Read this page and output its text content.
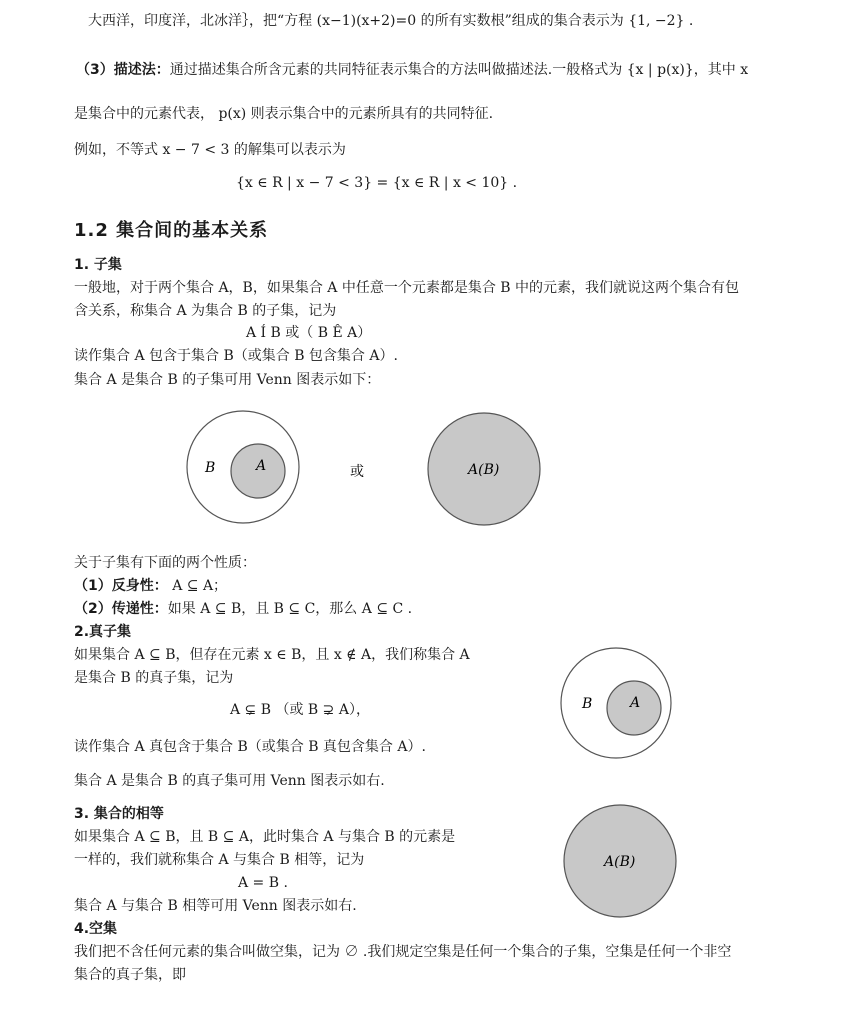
大西洋，印度洋，北冰洋｝，把“方程 (x−1)(x+2)=0 的所有实数根”组成的集合表示为 {1, −2} .
（3）描述法：通过描述集合所含元素的共同特征表示集合的方法叫做描述法.一般格式为 {x | p(x)}，其中 x
是集合中的元素代表， p(x) 则表示集合中的元素所具有的共同特征.
例如，不等式 x − 7 < 3 的解集可以表示为
{x ∈ R | x − 7 < 3} = {x ∈ R | x < 10} .
1.2 集合间的基本关系
1. 子集
一般地，对于两个集合 A，B，如果集合 A 中任意一个元素都是集合 B 中的元素，我们就说这两个集合有包
含关系，称集合 A 为集合 B 的子集，记为
A Í B 或（ B Ê A）
读作集合 A 包含于集合 B（或集合 B 包含集合 A）.
集合 A 是集合 B 的子集可用 Venn 图表示如下：
B	A	或	A(B)
关于子集有下面的两个性质：
（1）反身性： A ⊆ A；
（2）传递性：如果 A ⊆ B，且 B ⊆ C，那么 A ⊆ C .
2.真子集
如果集合 A ⊆ B，但存在元素 x ∈ B，且 x ∉ A，我们称集合 A
是集合 B 的真子集，记为
A ⊊ B （或 B ⊋ A），
读作集合 A 真包含于集合 B（或集合 B 真包含集合 A）.
集合 A 是集合 B 的真子集可用 Venn 图表示如右.
B	A
3. 集合的相等
如果集合 A ⊆ B，且 B ⊆ A，此时集合 A 与集合 B 的元素是
一样的，我们就称集合 A 与集合 B 相等，记为
A = B .
集合 A 与集合 B 相等可用 Venn 图表示如右.
A(B)
4.空集
我们把不含任何元素的集合叫做空集，记为 ∅ .我们规定空集是任何一个集合的子集，空集是任何一个非空
集合的真子集，即
